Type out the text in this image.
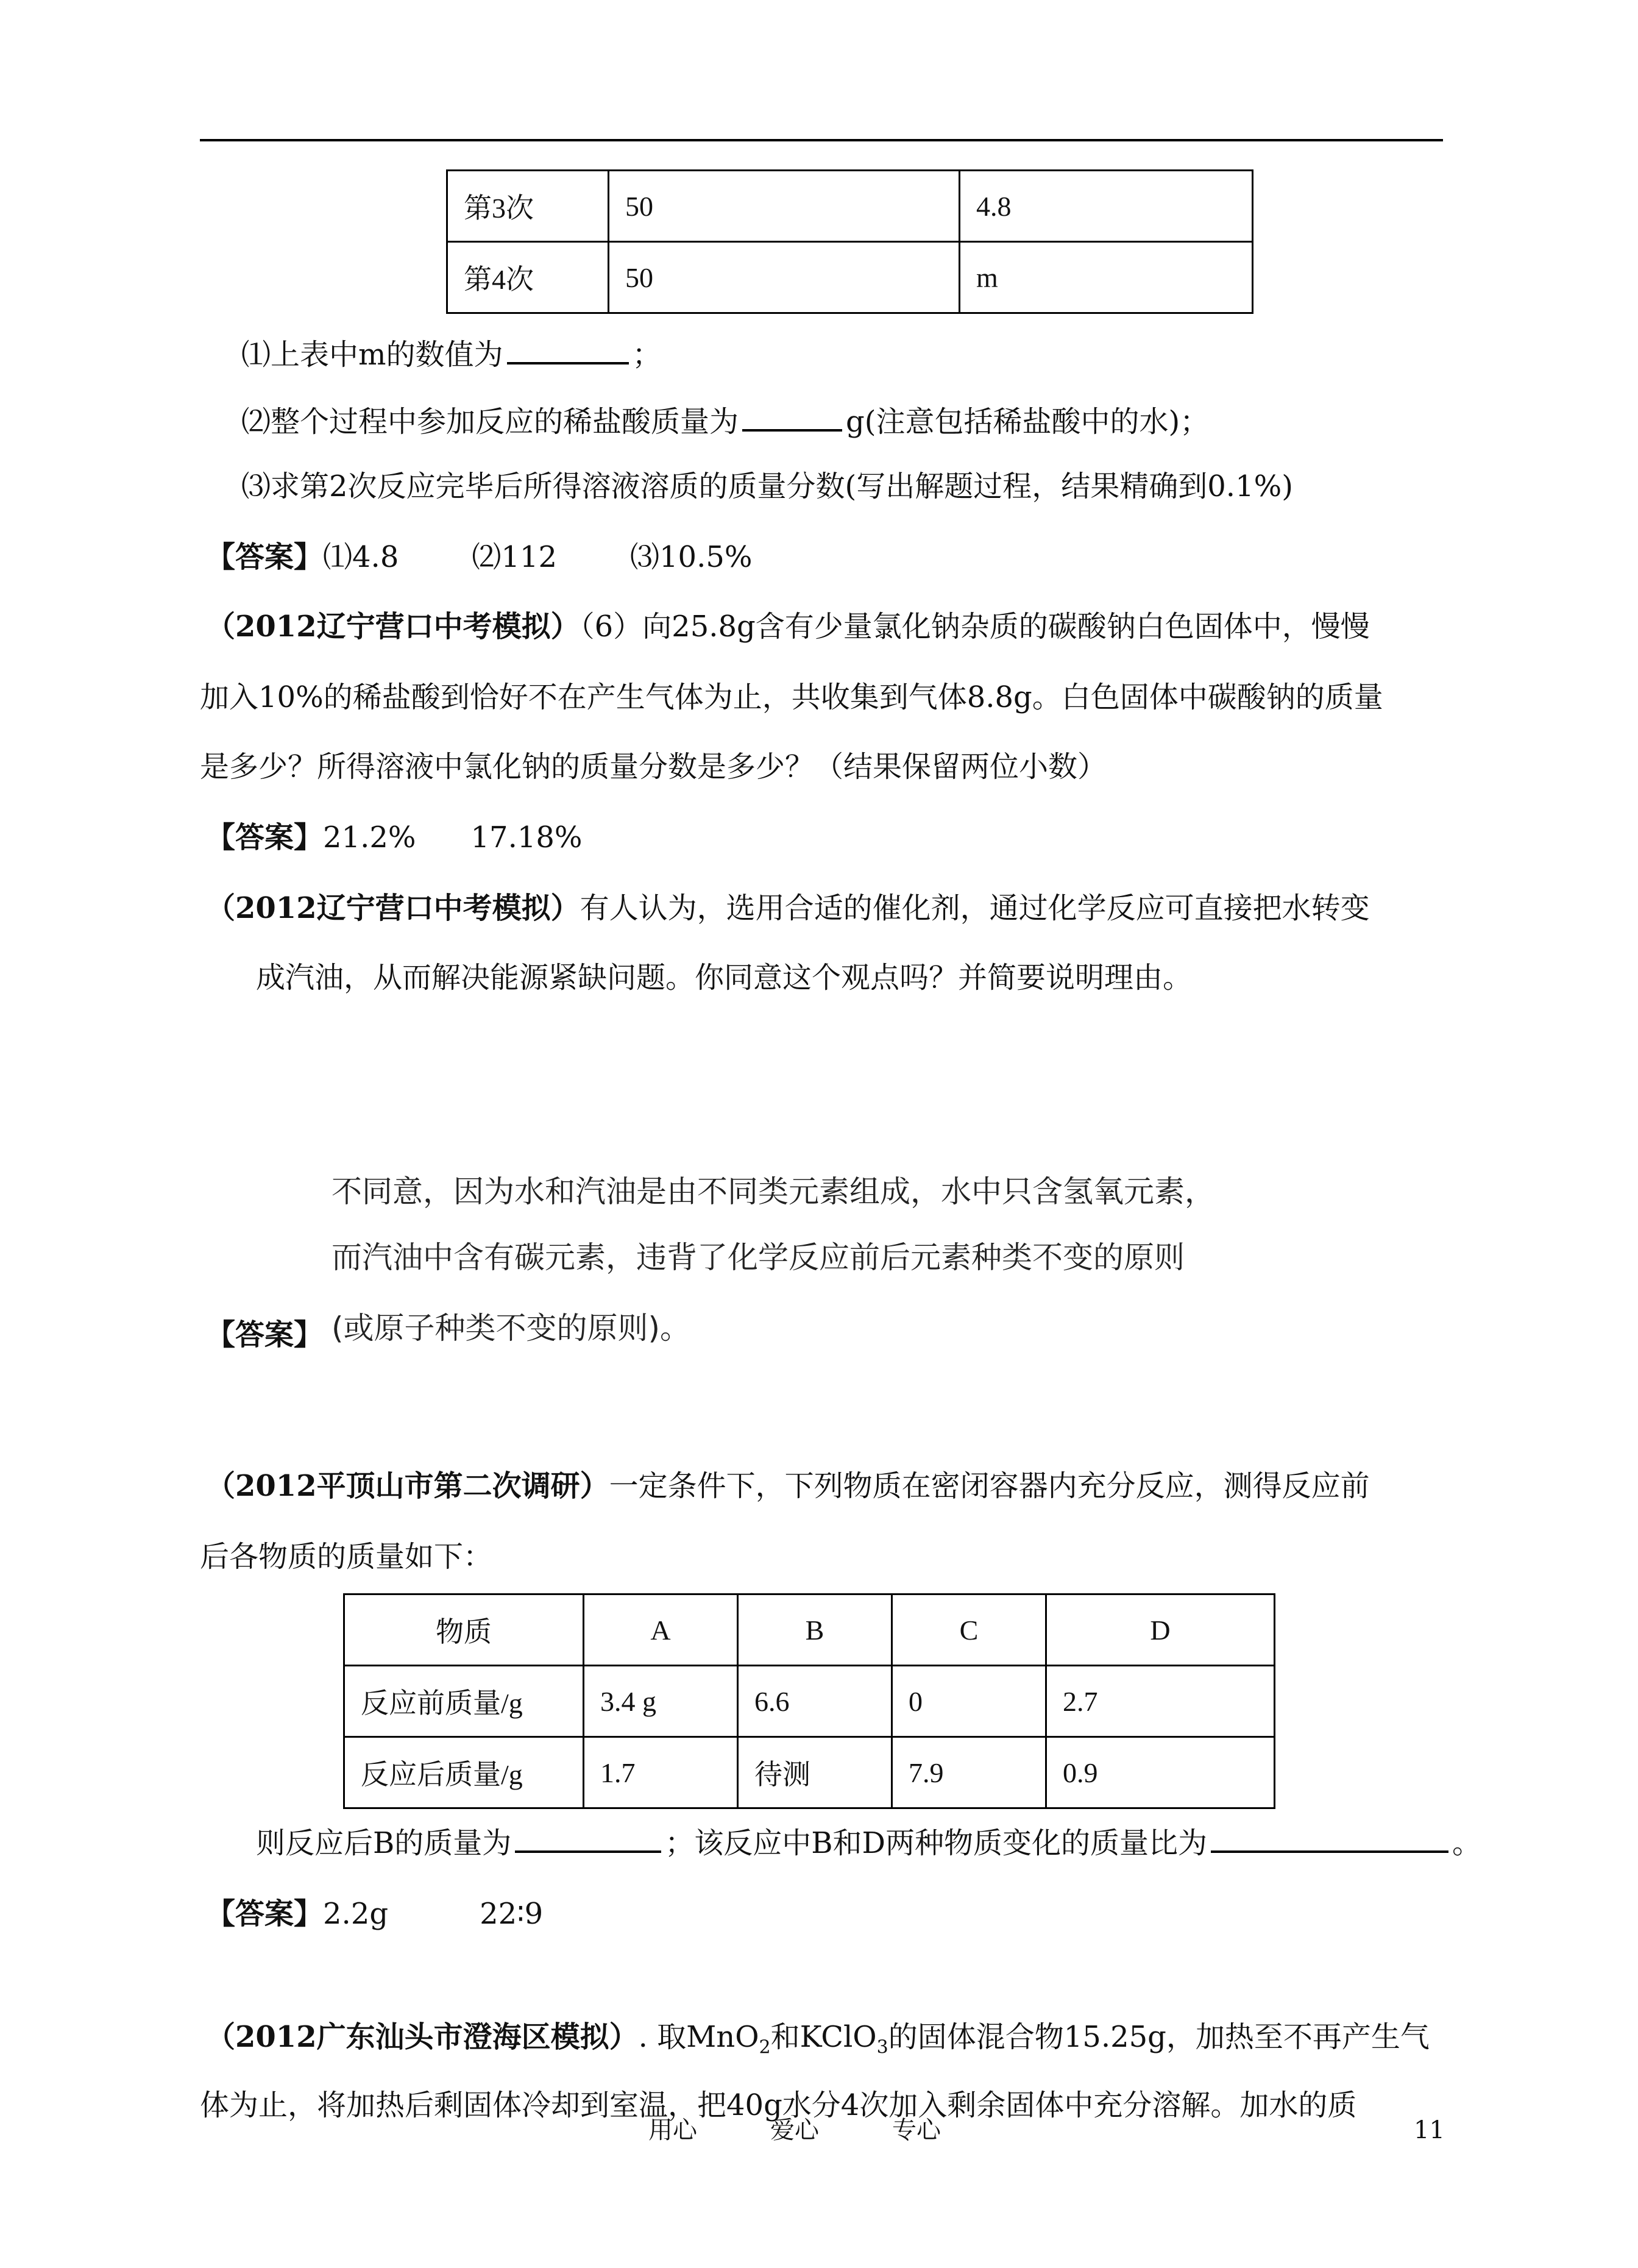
第3次	50	4.8
第4次	50	m
⑴上表中m的数值为	；
⑵整个过程中参加反应的稀盐酸质量为	g(注意包括稀盐酸中的水)；
⑶求第2次反应完毕后所得溶液溶质的质量分数(写出解题过程，结果精确到0.1%)
【答案】⑴4.8	⑵112	⑶10.5%
（2012辽宁营口中考模拟）（6）向25.8g含有少量氯化钠杂质的碳酸钠白色固体中，慢慢
加入10%的稀盐酸到恰好不在产生气体为止，共收集到气体8.8g。白色固体中碳酸钠的质量
是多少？所得溶液中氯化钠的质量分数是多少？（结果保留两位小数）
【答案】21.2% 17.18%
（2012辽宁营口中考模拟）有人认为，选用合适的催化剂，通过化学反应可直接把水转变
成汽油，从而解决能源紧缺问题。你同意这个观点吗？并简要说明理由。
不同意，因为水和汽油是由不同类元素组成，水中只含氢氧元素，
而汽油中含有碳元素，违背了化学反应前后元素种类不变的原则
【答案】 (或原子种类不变的原则)。
（2012平顶山市第二次调研）一定条件下，下列物质在密闭容器内充分反应，测得反应前
后各物质的质量如下：
物质	A	B	C	D
反应前质量/g	3.4 g	6.6	0	2.7
反应后质量/g	1.7	待测	7.9	0.9
则反应后B的质量为	；该反应中B和D两种物质变化的质量比为	。
【答案】2.2g	22∶9
（2012广东汕头市澄海区模拟）. 取MnO$_2$和KClO$_3$的固体混合物15.25g，加热至不再产生气
体为止，将加热后剩固体冷却到室温，把40g水分4次加入剩余固体中充分溶解。加水的质
用心	爱心	专心	11
